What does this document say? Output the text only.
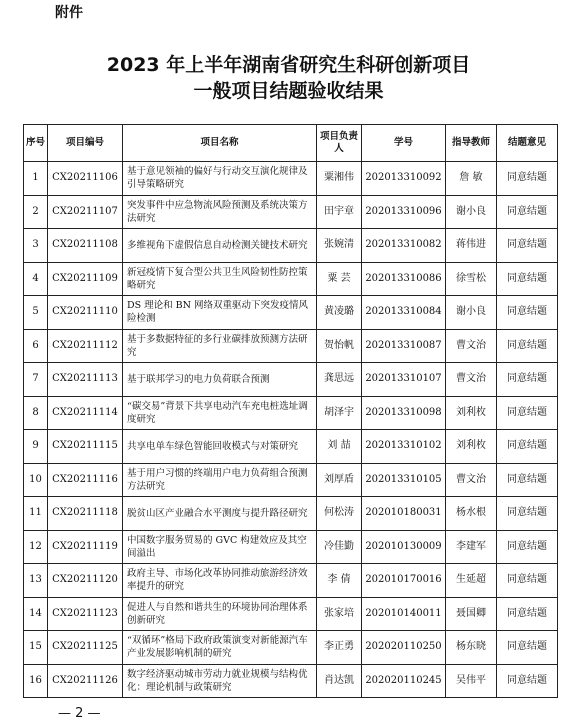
附件
2023 年上半年湖南省研究生科研创新项目
一般项目结题验收结果
序号	项目编号	项目名称	项目负责人	学号	指导教师	结题意见
1	CX20211106	基于意见领袖的偏好与行动交互演化规律及引导策略研究	粟湘伟	202013310092	詹 敏	同意结题
2	CX20211107	突发事件中应急物流风险预测及系统决策方法研究	田宇章	202013310096	谢小良	同意结题
3	CX20211108	多维视角下虚假信息自动检测关键技术研究	张婉清	202013310082	蒋伟进	同意结题
4	CX20211109	新冠疫情下复合型公共卫生风险韧性防控策略研究	粟 芸	202013310086	徐雪松	同意结题
5	CX20211110	DS 理论和 BN 网络双重驱动下突发疫情风险检测	黄凌璐	202013310084	谢小良	同意结题
6	CX20211112	基于多数据特征的多行业碳排放预测方法研究	贺怡帆	202013310087	曹文治	同意结题
7	CX20211113	基于联邦学习的电力负荷联合预测	龚思远	202013310107	曹文治	同意结题
8	CX20211114	“碳交易”背景下共享电动汽车充电桩选址调度研究	胡泽宇	202013310098	刘利枚	同意结题
9	CX20211115	共享电单车绿色智能回收模式与对策研究	刘 喆	202013310102	刘利枚	同意结题
10	CX20211116	基于用户习惯的终端用户电力负荷组合预测方法研究	刘厚盾	202013310105	曹文治	同意结题
11	CX20211118	脱贫山区产业融合水平测度与提升路径研究	何松涛	202010180031	杨水根	同意结题
12	CX20211119	中国数字服务贸易的 GVC 构建效应及其空间溢出	冷佳勤	202010130009	李建军	同意结题
13	CX20211120	政府主导、市场化改革协同推动旅游经济效率提升的研究	李 倩	202010170016	生延超	同意结题
14	CX20211123	促进人与自然和谐共生的环境协同治理体系创新研究	张家培	202010140011	聂国卿	同意结题
15	CX20211125	“双循环”格局下政府政策演变对新能源汽车产业发展影响机制的研究	李正勇	202020110250	杨东晓	同意结题
16	CX20211126	数字经济驱动城市劳动力就业规模与结构优化：理论机制与政策研究	肖达凯	202020110245	吴伟平	同意结题
— 2 —
